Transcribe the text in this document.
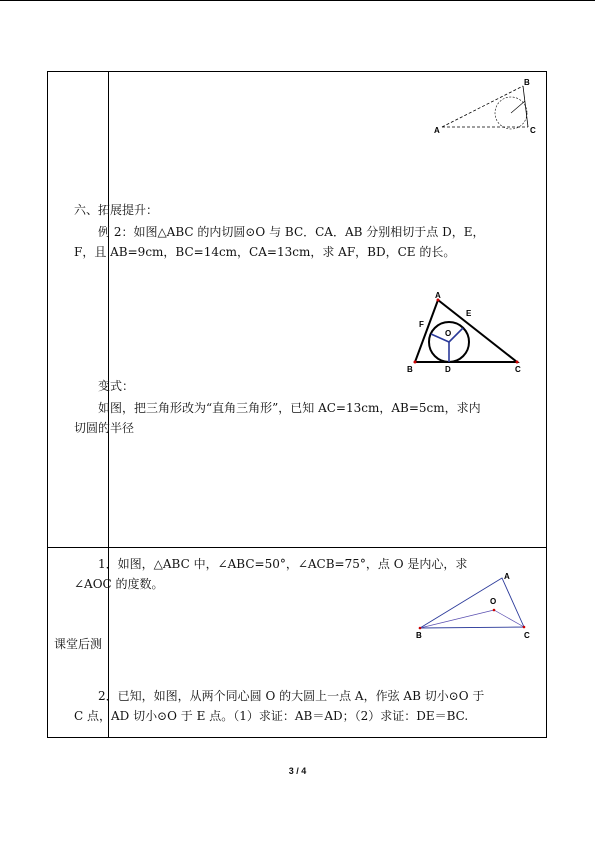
课堂后测
A
B
C

六、拓展提升：

例 2：如图△ABC 的内切圆⊙O 与 BC．CA．AB 分别相切于点 D，E，F，且 AB=9cm，BC=14cm，CA=13cm，求 AF，BD，CE 的长。

A
E
F
O
B	D	C

变式：

如图，把三角形改为“直角三角形”，已知 AC=13cm，AB=5cm，求内切圆的半径

1．如图，△ABC 中，∠ABC=50°，∠ACB=75°，点 O 是内心，求∠AOC 的度数。

A
O
B	C

2．已知，如图，从两个同心圆 O 的大圆上一点 A，作弦 AB 切小⊙O 于 C 点，AD 切小⊙O 于 E 点。（1）求证：AB＝AD；（2）求证：DE＝BC.

3 / 4
